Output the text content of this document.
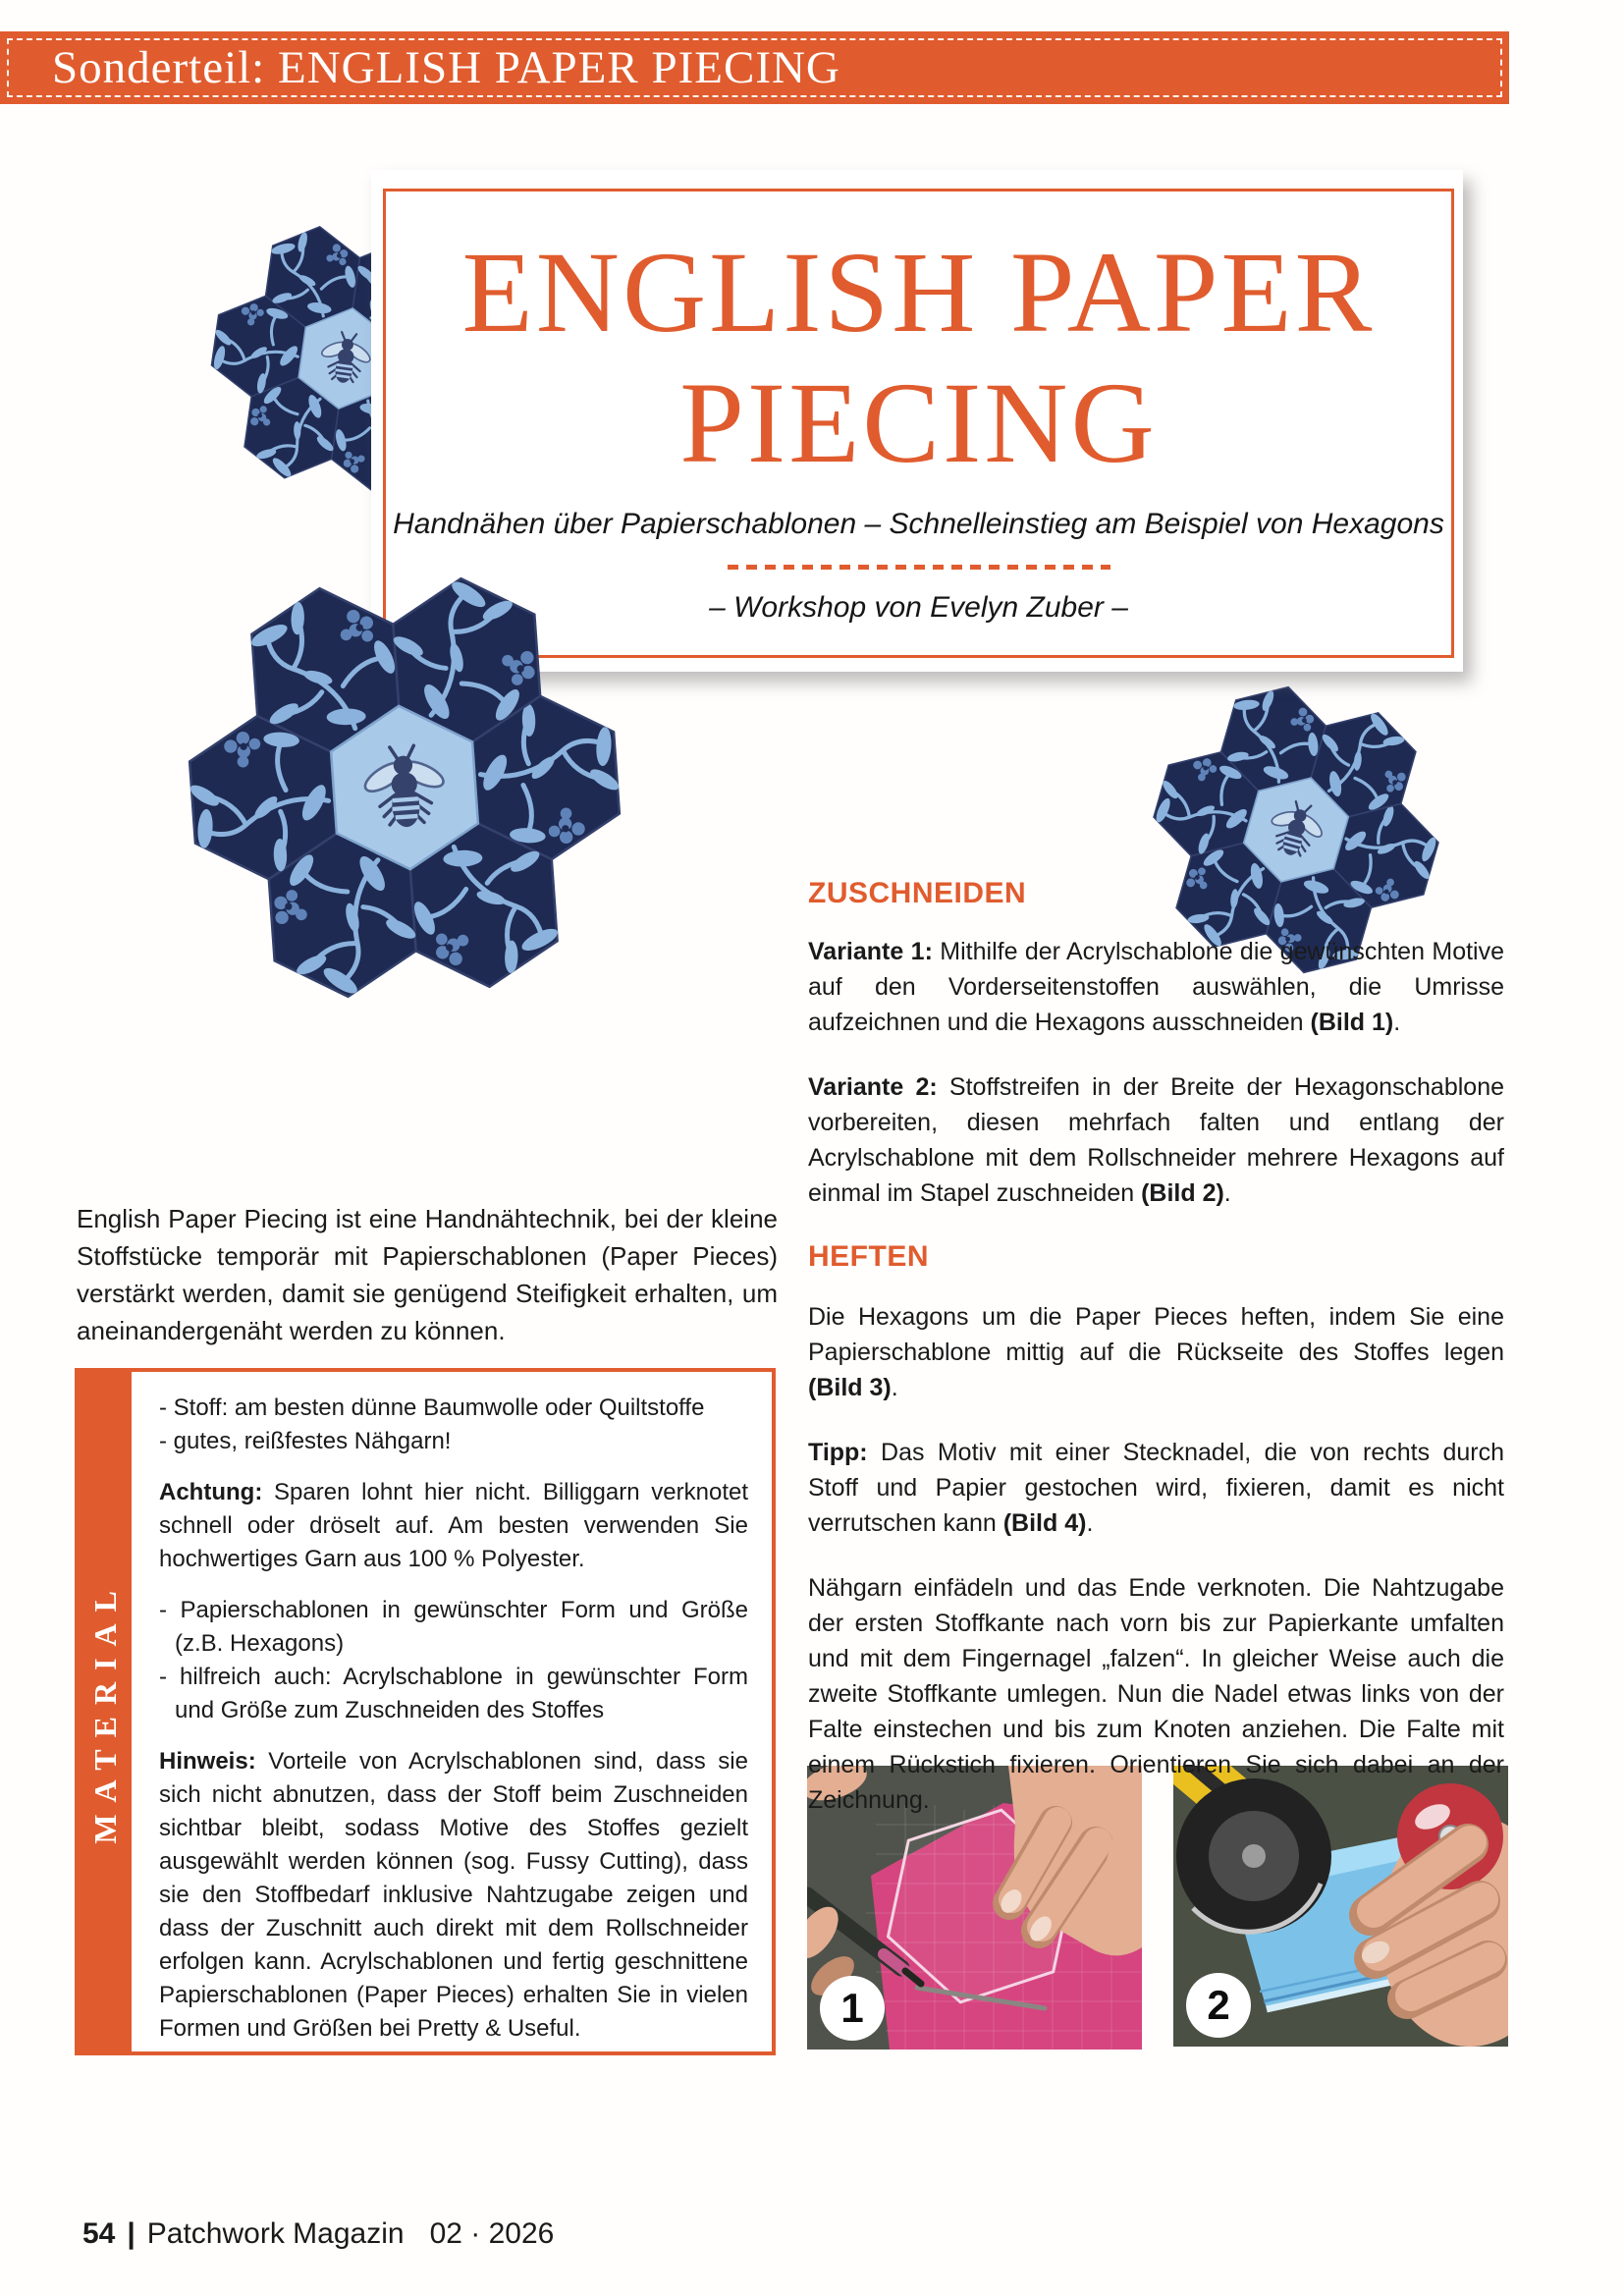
Sonderteil: ENGLISH PAPER PIECING
ENGLISH PAPER
PIECING
Handnähen über Papierschablonen – Schnelleinstieg am Beispiel von Hexagons
– Workshop von Evelyn Zuber –

English Paper Piecing ist eine Handnähtechnik, bei der kleine Stoffstücke temporär mit Papierschablonen (Paper Pieces) verstärkt werden, damit sie genügend Steifigkeit erhalten, um aneinandergenäht werden zu können.

MATERIAL

- Stoff: am besten dünne Baumwolle oder Quiltstoffe

- gutes, reißfestes Nähgarn!

Achtung: Sparen lohnt hier nicht. Billiggarn verknotet schnell oder dröselt auf. Am besten verwenden Sie hochwertiges Garn aus 100 % Polyester.

- Papierschablonen in gewünschter Form und Größe (z.B. Hexagons)

- hilfreich auch: Acrylschablone in gewünschter Form und Größe zum Zuschneiden des Stoffes

Hinweis: Vorteile von Acrylschablonen sind, dass sie sich nicht abnutzen, dass der Stoff beim Zuschneiden sichtbar bleibt, sodass Motive des Stoffes gezielt ausgewählt werden können (sog. Fussy Cutting), dass sie den Stoffbedarf inklusive Nahtzugabe zeigen und dass der Zuschnitt auch direkt mit dem Rollschneider erfolgen kann. Acrylschablonen und fertig geschnittene Papierschablonen (Paper Pieces) erhalten Sie in vielen Formen und Größen bei Pretty & Useful.

ZUSCHNEIDEN

Variante 1: Mithilfe der Acrylschablone die gewünschten Motive auf den Vorderseitenstoffen auswählen, die Umrisse aufzeichnen und die Hexagons ausschneiden (Bild 1).

Variante 2: Stoffstreifen in der Breite der Hexagonschablone vorbereiten, diesen mehrfach falten und entlang der Acrylschablone mit dem Rollschneider mehrere Hexagons auf einmal im Stapel zuschneiden (Bild 2).

HEFTEN

Die Hexagons um die Paper Pieces heften, indem Sie eine Papierschablone mittig auf die Rückseite des Stoffes legen (Bild 3).

Tipp: Das Motiv mit einer Stecknadel, die von rechts durch Stoff und Papier gestochen wird, fixieren, damit es nicht verrutschen kann (Bild 4).

Nähgarn einfädeln und das Ende verknoten. Die Nahtzugabe der ersten Stoffkante nach vorn bis zur Papierkante umfalten und mit dem Fingernagel „falzen“. In gleicher Weise auch die zweite Stoffkante umlegen. Nun die Nadel etwas links von der Falte einstechen und bis zum Knoten anziehen. Die Falte mit einem Rückstich fixieren. Orientieren Sie sich dabei an der Zeichnung.

1	2
54 | Patchwork Magazin 02 · 2026
